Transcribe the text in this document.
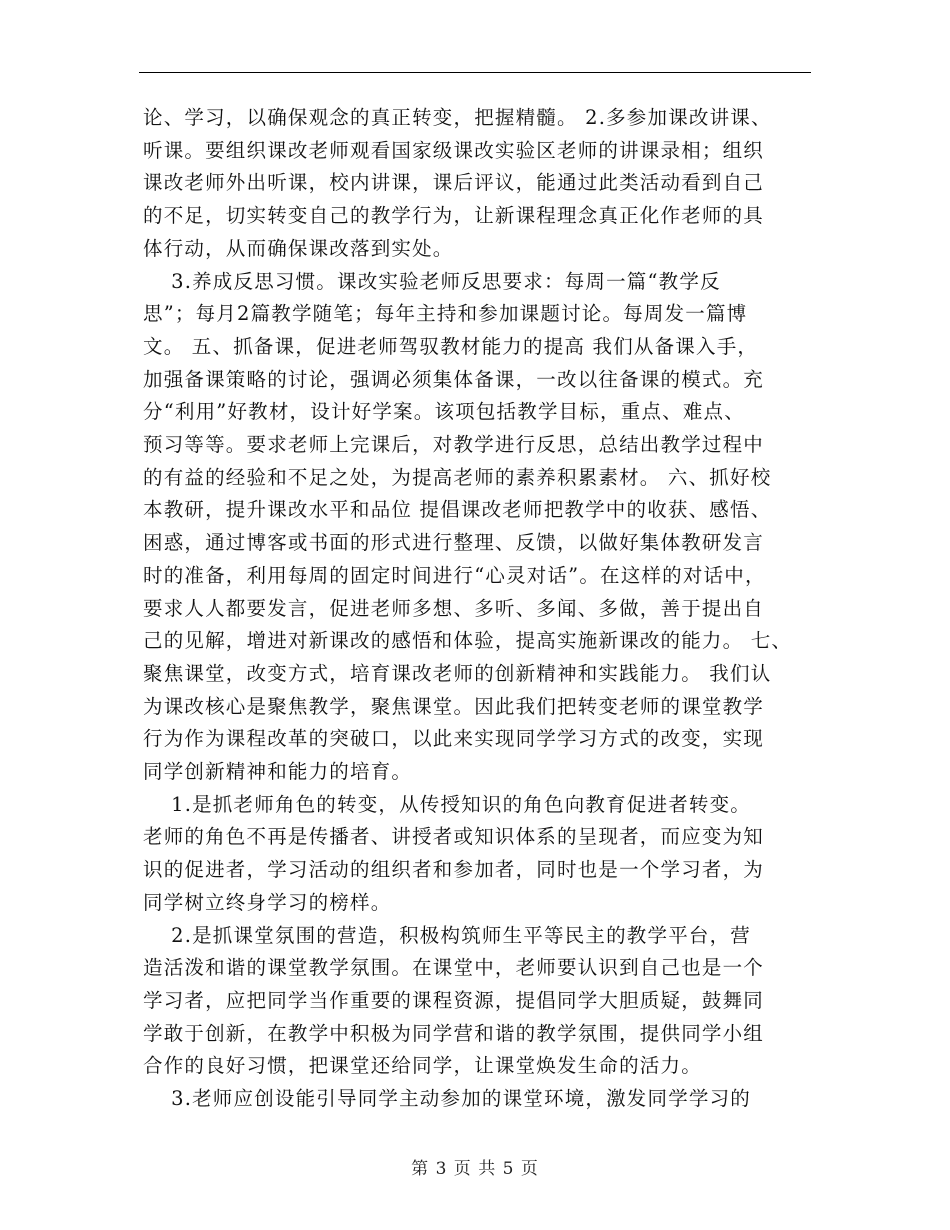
论、学习，以确保观念的真正转变，把握精髓。 2.多参加课改讲课、
听课。要组织课改老师观看国家级课改实验区老师的讲课录相；组织
课改老师外出听课，校内讲课，课后评议，能通过此类活动看到自己
的不足，切实转变自己的教学行为，让新课程理念真正化作老师的具
体行动，从而确保课改落到实处。
　 3.养成反思习惯。课改实验老师反思要求：每周一篇“教学反
思”；每月2篇教学随笔；每年主持和参加课题讨论。每周发一篇博
文。 五、抓备课，促进老师驾驭教材能力的提高 我们从备课入手，
加强备课策略的讨论，强调必须集体备课，一改以往备课的模式。充
分“利用”好教材，设计好学案。该项包括教学目标，重点、难点、
预习等等。要求老师上完课后，对教学进行反思，总结出教学过程中
的有益的经验和不足之处，为提高老师的素养积累素材。 六、抓好校
本教研，提升课改水平和品位 提倡课改老师把教学中的收获、感悟、
困惑，通过博客或书面的形式进行整理、反馈，以做好集体教研发言
时的准备，利用每周的固定时间进行“心灵对话”。在这样的对话中，
要求人人都要发言，促进老师多想、多听、多闻、多做，善于提出自
己的见解，增进对新课改的感悟和体验，提高实施新课改的能力。 七、
聚焦课堂，改变方式，培育课改老师的创新精神和实践能力。 我们认
为课改核心是聚焦教学，聚焦课堂。因此我们把转变老师的课堂教学
行为作为课程改革的突破口，以此来实现同学学习方式的改变，实现
同学创新精神和能力的培育。
　 1.是抓老师角色的转变，从传授知识的角色向教育促进者转变。
老师的角色不再是传播者、讲授者或知识体系的呈现者，而应变为知
识的促进者，学习活动的组织者和参加者，同时也是一个学习者，为
同学树立终身学习的榜样。
　 2.是抓课堂氛围的营造，积极构筑师生平等民主的教学平台，营
造活泼和谐的课堂教学氛围。在课堂中，老师要认识到自己也是一个
学习者，应把同学当作重要的课程资源，提倡同学大胆质疑，鼓舞同
学敢于创新，在教学中积极为同学营和谐的教学氛围，提供同学小组
合作的良好习惯，把课堂还给同学，让课堂焕发生命的活力。
　 3.老师应创设能引导同学主动参加的课堂环境，激发同学学习的
第 3 页 共 5 页
